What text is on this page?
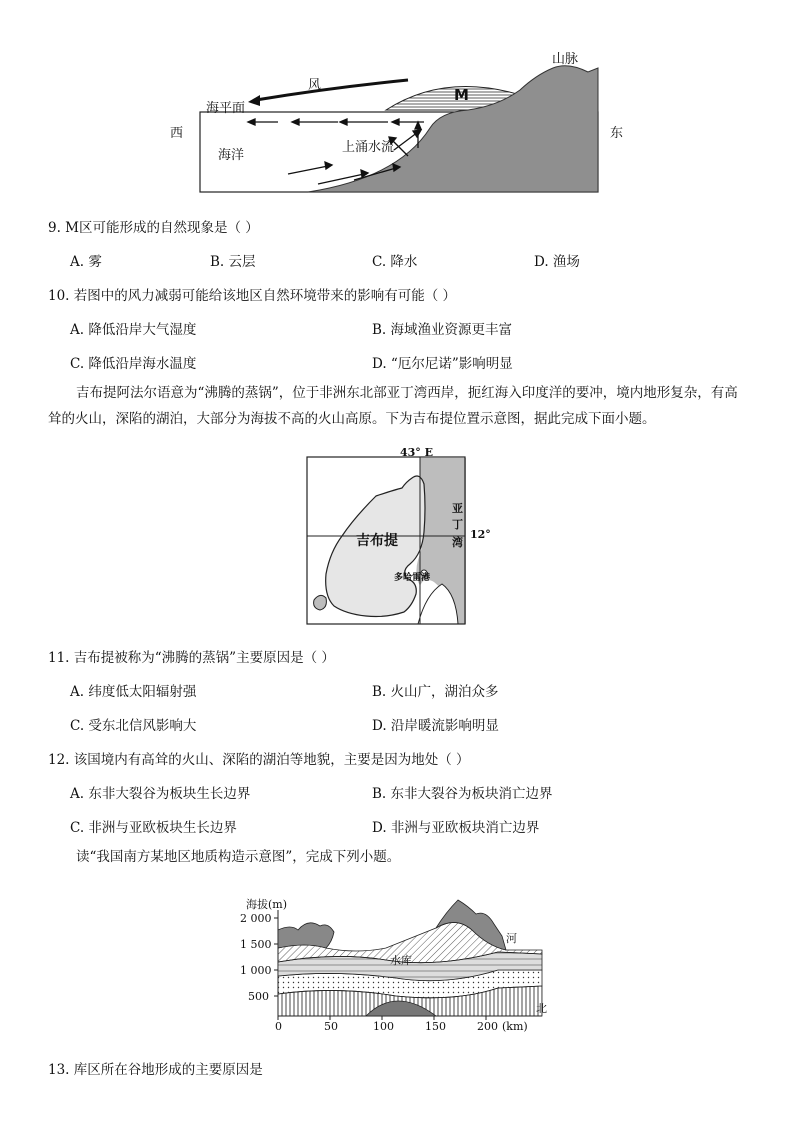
风
海平面
山脉
M
西	东
海洋
上涌水流
9. M区可能形成的自然现象是（ ）
A. 雾	B. 云层	C. 降水	D. 渔场
10. 若图中的风力减弱可能给该地区自然环境带来的影响有可能（ ）
A. 降低沿岸大气湿度	B. 海域渔业资源更丰富
C. 降低沿岸海水温度	D. “厄尔尼诺”影响明显
吉布提阿法尔语意为“沸腾的蒸锅”，位于非洲东北部亚丁湾西岸，扼红海入印度洋的要冲，境内地形复杂，有高耸的火山，深陷的湖泊，大部分为海拔不高的火山高原。下为吉布提位置示意图，据此完成下面小题。
43° E
12°
吉布提
亚
丁
湾
多哈雷港
11. 吉布提被称为“沸腾的蒸锅”主要原因是（ ）
A. 纬度低太阳辐射强	B. 火山广，湖泊众多
C. 受东北信风影响大	D. 沿岸暖流影响明显
12. 该国境内有高耸的火山、深陷的湖泊等地貌，主要是因为地处（ ）
A. 东非大裂谷为板块生长边界	B. 东非大裂谷为板块消亡边界
C. 非洲与亚欧板块生长边界	D. 非洲与亚欧板块消亡边界
读“我国南方某地区地质构造示意图”，完成下列小题。
海拔(m)
2 000
1 500
1 000
500
0	50	100	150	200 (km)
水库
河
北
13. 库区所在谷地形成的主要原因是
